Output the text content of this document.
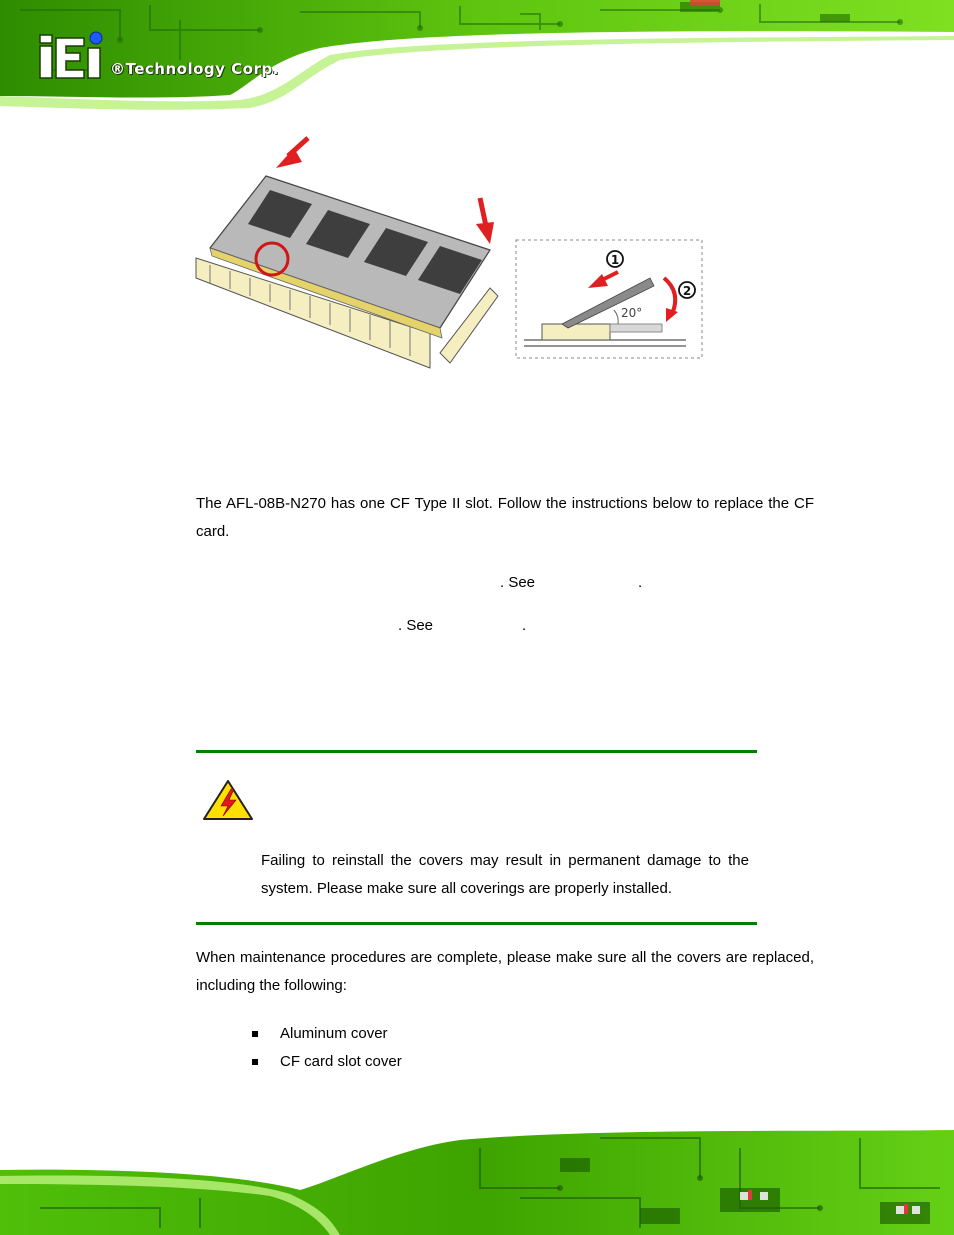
®Technology Corp.
20°
1
2
The AFL-08B-N270 has one CF Type II slot. Follow the instructions below to replace the CF card.
. See	.
. See	.
Failing to reinstall the covers may result in permanent damage to the system. Please make sure all coverings are properly installed.
When maintenance procedures are complete, please make sure all the covers are replaced, including the following:
Aluminum cover
CF card slot cover
